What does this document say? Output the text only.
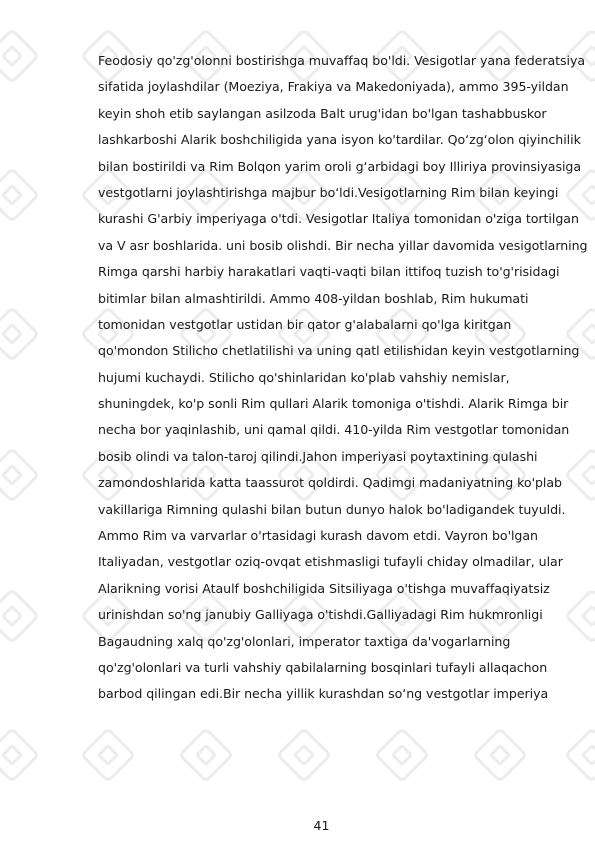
Feodosiy qo'zg'olonni bostirishga muvaffaq bo'ldi. Vesigotlar yana federatsiya
sifatida joylashdilar (Moeziya, Frakiya va Makedoniyada), ammo 395-yildan
keyin shoh etib saylangan asilzoda Balt urug'idan bo'lgan tashabbuskor
lashkarboshi Alarik boshchiligida yana isyon ko'tardilar. Qo‘zg‘olon qiyinchilik
bilan bostirildi va Rim Bolqon yarim oroli g‘arbidagi boy Illiriya provinsiyasiga
vestgotlarni joylashtirishga majbur bo‘ldi.Vesigotlarning Rim bilan keyingi
kurashi G'arbiy imperiyaga o'tdi. Vesigotlar Italiya tomonidan o'ziga tortilgan
va V asr boshlarida. uni bosib olishdi. Bir necha yillar davomida vesigotlarning
Rimga qarshi harbiy harakatlari vaqti-vaqti bilan ittifoq tuzish to'g'risidagi
bitimlar bilan almashtirildi. Ammo 408-yildan boshlab, Rim hukumati
tomonidan vestgotlar ustidan bir qator g'alabalarni qo'lga kiritgan
qo'mondon Stilicho chetlatilishi va uning qatl etilishidan keyin vestgotlarning
hujumi kuchaydi. Stilicho qo'shinlaridan ko'plab vahshiy nemislar,
shuningdek, ko'p sonli Rim qullari Alarik tomoniga o'tishdi. Alarik Rimga bir
necha bor yaqinlashib, uni qamal qildi. 410-yilda Rim vestgotlar tomonidan
bosib olindi va talon-taroj qilindi.Jahon imperiyasi poytaxtining qulashi
zamondoshlarida katta taassurot qoldirdi. Qadimgi madaniyatning ko'plab
vakillariga Rimning qulashi bilan butun dunyo halok bo'ladigandek tuyuldi.
Ammo Rim va varvarlar o'rtasidagi kurash davom etdi. Vayron bo'lgan
Italiyadan, vestgotlar oziq-ovqat etishmasligi tufayli chiday olmadilar, ular
Alarikning vorisi Ataulf boshchiligida Sitsiliyaga o'tishga muvaffaqiyatsiz
urinishdan so'ng janubiy Galliyaga o'tishdi.Galliyadagi Rim hukmronligi
Bagaudning xalq qo'zg'olonlari, imperator taxtiga da'vogarlarning
qo'zg'olonlari va turli vahshiy qabilalarning bosqinlari tufayli allaqachon
barbod qilingan edi.Bir necha yillik kurashdan so‘ng vestgotlar imperiya
41
